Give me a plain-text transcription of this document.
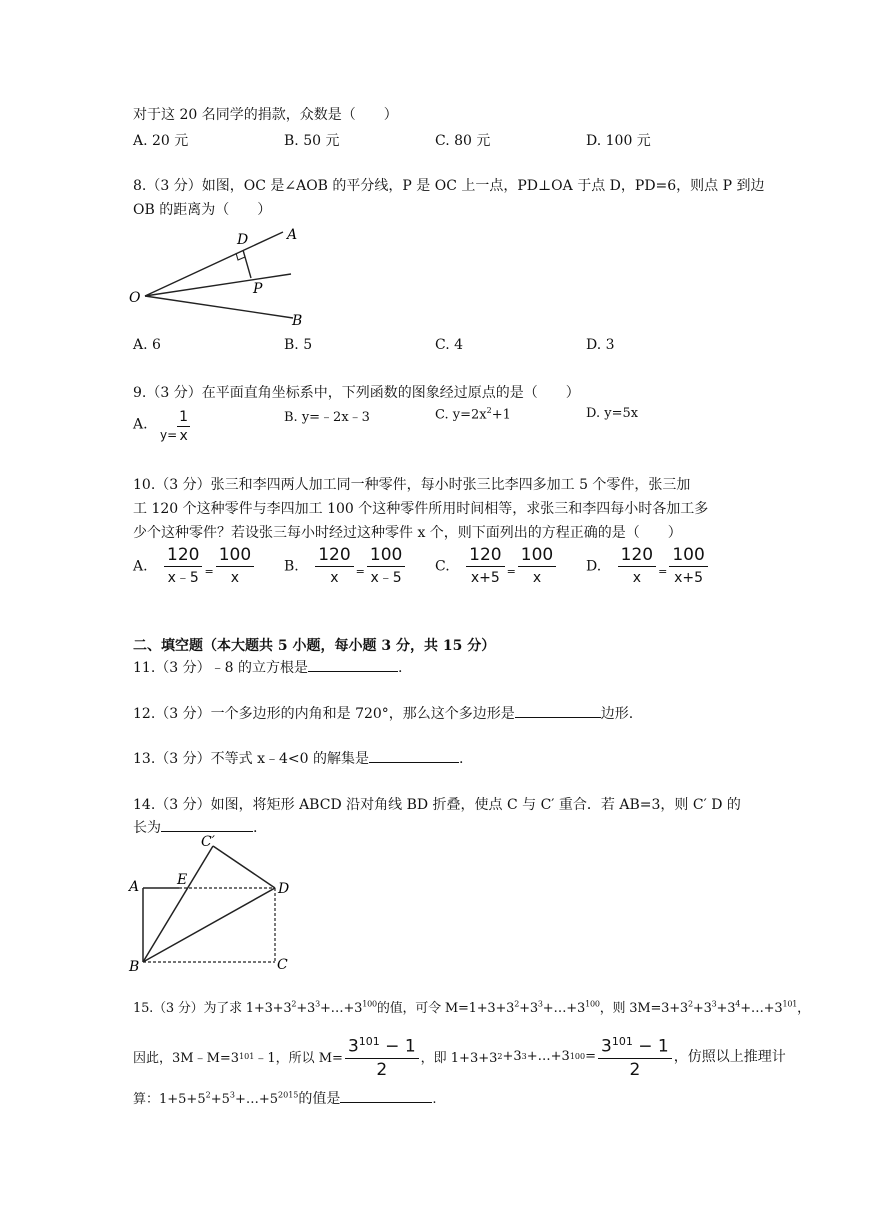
对于这 20 名同学的捐款，众数是（　　）
A. 20 元	B. 50 元	C. 80 元	D. 100 元
8.（3 分）如图，OC 是∠AOB 的平分线，P 是 OC 上一点，PD⊥OA 于点 D，PD=6，则点 P 到边
OB 的距离为（　　）
O
A
B
D
P
A. 6	B. 5	C. 4	D. 3
9.（3 分）在平面直角坐标系中，下列函数的图象经过原点的是（　　）
A. $y= \frac{1}{x}$	B. y=﹣2x﹣3	C. $y=2x^2+1$	D. y=5x
10.（3 分）张三和李四两人加工同一种零件，每小时张三比李四多加工 5 个零件，张三加
工 120 个这种零件与李四加工 100 个这种零件所用时间相等，求张三和李四每小时各加工多
少个这种零件？若设张三每小时经过这种零件 x 个，则下面列出的方程正确的是（　　）
A. $\frac{120}{x﹣5} _= \frac{100}{x} B$. $\frac{120}{x} _= \frac{100}{x﹣5} C$. $\frac{120}{x+5} _= \frac{100}{x} D$. $\frac{120}{x} _= \frac{100}{x+5}$
二、填空题（本大题共 5 小题，每小题 3 分，共 15 分）
11.（3 分）﹣8 的立方根是	.
12.（3 分）一个多边形的内角和是 720°，那么这个多边形是	边形.
13.（3 分）不等式 x﹣4<0 的解集是	.
14.（3 分）如图，将矩形 ABCD 沿对角线 BD 折叠，使点 C 与 C′ 重合．若 AB=3，则 C′ D 的
长为	.
A
B	C
D
E
C′
15.（3 分）为了求 $1+3+3^2+3^3+\dots+3^{100}$的值，可令 $M=1+3+3^2+3^3+\dots+3^{100}$，则 $3M=3+3^2+3^3+3^4+\dots+3^{101}$，
因此，3M﹣M=3 101 ﹣1，所以 $M= \frac{3^{101} - 1}{2}$ ，即 1+3+3 2 +3 3 +…+3 $100 = \frac{3^{101} - 1}{2}$ ，仿照以上推理计
算：$1+5+5^2+5^3+\dots+5^{2015}$的值是	.
